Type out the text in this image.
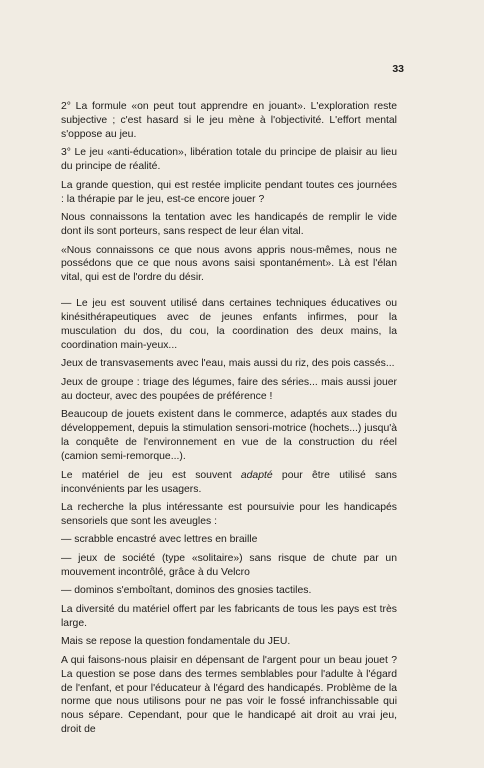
33

2° La formule «on peut tout apprendre en jouant». L'exploration reste subjective ; c'est hasard si le jeu mène à l'objectivité. L'effort mental s'oppose au jeu.

3° Le jeu «anti-éducation», libération totale du principe de plaisir au lieu du principe de réalité.

La grande question, qui est restée implicite pendant toutes ces journées : la thérapie par le jeu, est-ce encore jouer ?

Nous connaissons la tentation avec les handicapés de remplir le vide dont ils sont porteurs, sans respect de leur élan vital.

«Nous connaissons ce que nous avons appris nous-mêmes, nous ne possédons que ce que nous avons saisi spontanément». Là est l'élan vital, qui est de l'ordre du désir.

— Le jeu est souvent utilisé dans certaines techniques éducatives ou kinésithérapeutiques avec de jeunes enfants infirmes, pour la musculation du dos, du cou, la coordination des deux mains, la coordination main-yeux...

Jeux de transvasements avec l'eau, mais aussi du riz, des pois cassés...

Jeux de groupe : triage des légumes, faire des séries... mais aussi jouer au docteur, avec des poupées de préférence !

Beaucoup de jouets existent dans le commerce, adaptés aux stades du développement, depuis la stimulation sensori-motrice (hochets...) jusqu'à la conquête de l'environnement en vue de la construction du réel (camion semi-remorque...).

Le matériel de jeu est souvent adapté pour être utilisé sans inconvénients par les usagers.

La recherche la plus intéressante est poursuivie pour les handicapés sensoriels que sont les aveugles :

— scrabble encastré avec lettres en braille

— jeux de société (type «solitaire») sans risque de chute par un mouvement incontrôlé, grâce à du Velcro

— dominos s'emboîtant, dominos des gnosies tactiles.

La diversité du matériel offert par les fabricants de tous les pays est très large.

Mais se repose la question fondamentale du JEU.

A qui faisons-nous plaisir en dépensant de l'argent pour un beau jouet ? La question se pose dans des termes semblables pour l'adulte à l'égard de l'enfant, et pour l'éducateur à l'égard des handicapés. Problème de la norme que nous utilisons pour ne pas voir le fossé infranchissable qui nous sépare. Cependant, pour que le handicapé ait droit au vrai jeu, droit de
